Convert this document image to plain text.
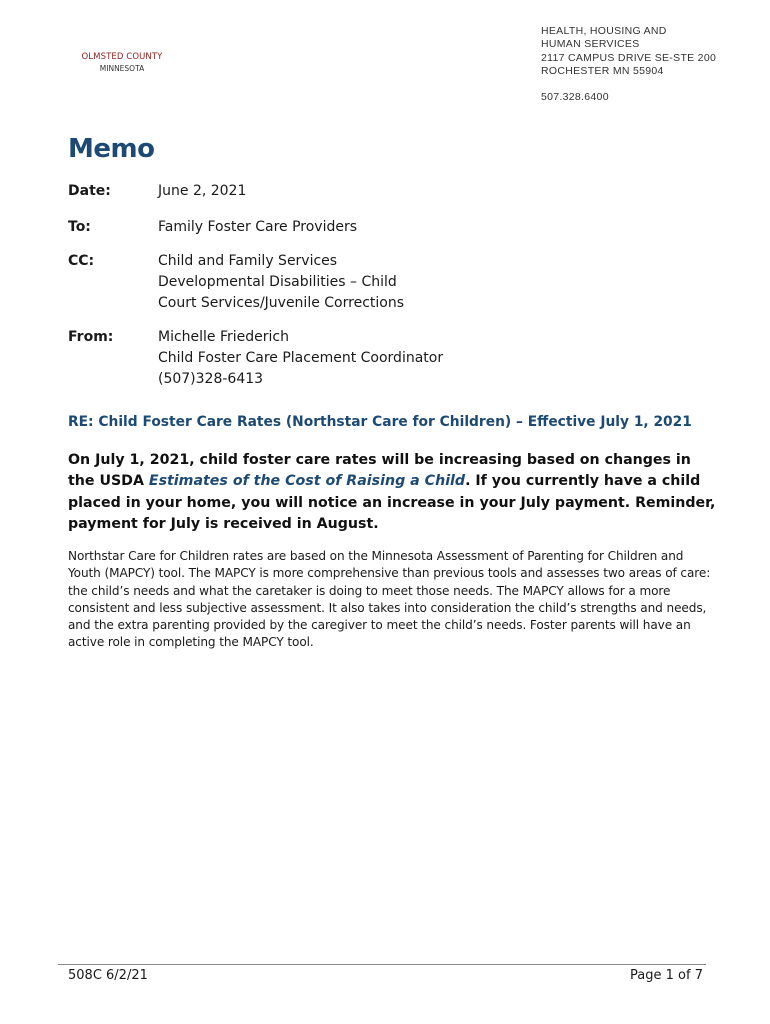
OLMSTED COUNTY
MINNESOTA
HEALTH, HOUSING AND
HUMAN SERVICES
2117 CAMPUS DRIVE SE-STE 200
ROCHESTER MN 55904
507.328.6400
Memo
Date:	June 2, 2021
To:	Family Foster Care Providers
CC:	Child and Family Services
Developmental Disabilities – Child
Court Services/Juvenile Corrections
From:	Michelle Friederich
Child Foster Care Placement Coordinator
(507)328-6413
RE: Child Foster Care Rates (Northstar Care for Children) – Effective July 1, 2021
On July 1, 2021, child foster care rates will be increasing based on changes in the USDA Estimates of the Cost of Raising a Child. If you currently have a child placed in your home, you will notice an increase in your July payment. Reminder, payment for July is received in August.
Northstar Care for Children rates are based on the Minnesota Assessment of Parenting for Children and Youth (MAPCY) tool. The MAPCY is more comprehensive than previous tools and assesses two areas of care: the child’s needs and what the caretaker is doing to meet those needs. The MAPCY allows for a more consistent and less subjective assessment. It also takes into consideration the child’s strengths and needs, and the extra parenting provided by the caregiver to meet the child’s needs. Foster parents will have an active role in completing the MAPCY tool.
508C 6/2/21	Page 1 of 7
